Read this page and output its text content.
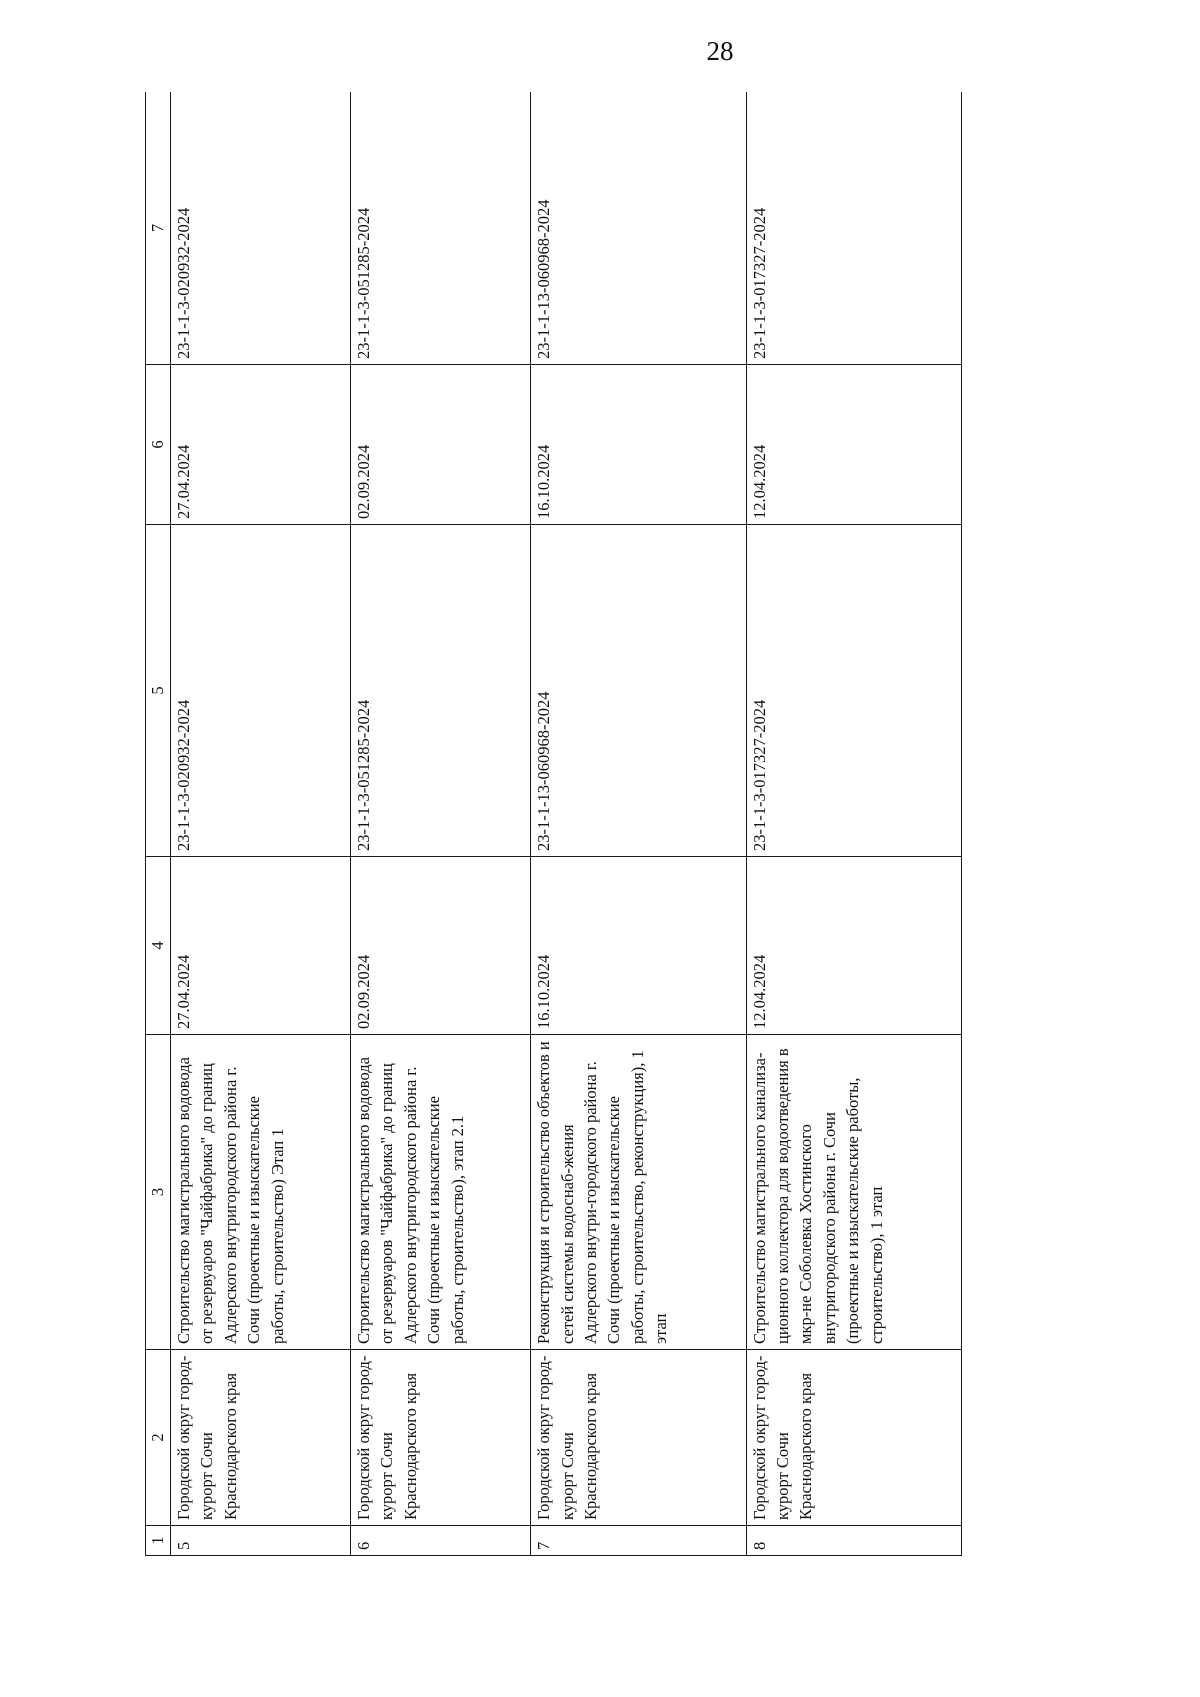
28
1	2	3	4	5	6	7
5	Городской округ город-курорт Сочи Краснодарского края	Строительство магистрального водовода от резервуаров "Чайфабрика" до границ Адлерского внутригородского района г. Сочи (проектные и изыскательские работы, строительство) Этап 1	27.04.2024	23-1-1-3-020932-2024	27.04.2024	23-1-1-3-020932-2024
6	Городской округ город-курорт Сочи Краснодарского края	Строительство магистрального водовода от резервуаров "Чайфабрика" до границ Адлерского внутригородского района г. Сочи (проектные и изыскательские работы, строительство), этап 2.1	02.09.2024	23-1-1-3-051285-2024	02.09.2024	23-1-1-3-051285-2024
7	Городской округ город-курорт Сочи Краснодарского края	Реконструкция и строительство объектов и сетей системы водоснаб-жения Адлерского внутри-городского района г. Сочи (проектные и изыскательские работы, строительство, реконструкция), 1 этап	16.10.2024	23-1-1-13-060968-2024	16.10.2024	23-1-1-13-060968-2024
8	Городской округ город-курорт Сочи Краснодарского края	Строительство магистрального канализа-ционного коллектора для водоотведения в мкр-не Соболевка Хостинского внутригородского района г. Сочи (проектные и изыскательские работы, строительство), 1 этап	12.04.2024	23-1-1-3-017327-2024	12.04.2024	23-1-1-3-017327-2024
